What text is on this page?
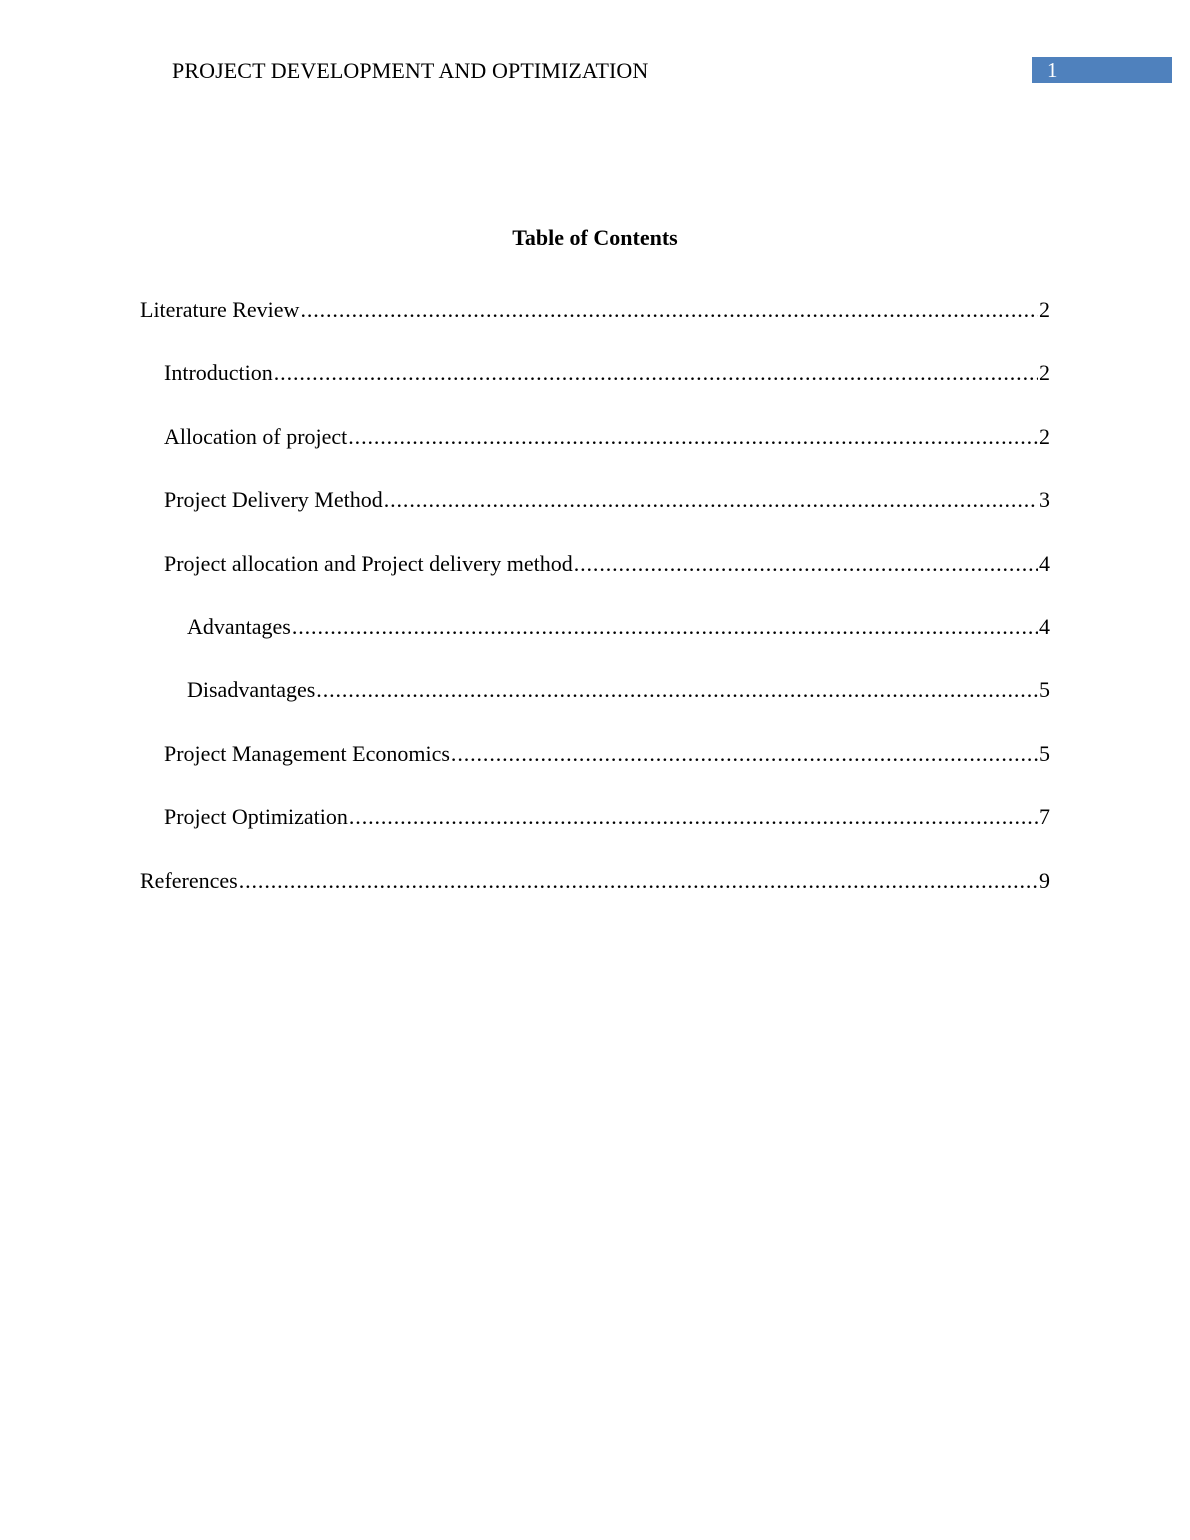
PROJECT DEVELOPMENT AND OPTIMIZATION	1
Table of Contents
Literature Review .....	2
Introduction .....	2
Allocation of project .....	2
Project Delivery Method .....	3
Project allocation and Project delivery method .....	4
Advantages .....	4
Disadvantages .....	5
Project Management Economics .....	5
Project Optimization .....	7
References .....	9
